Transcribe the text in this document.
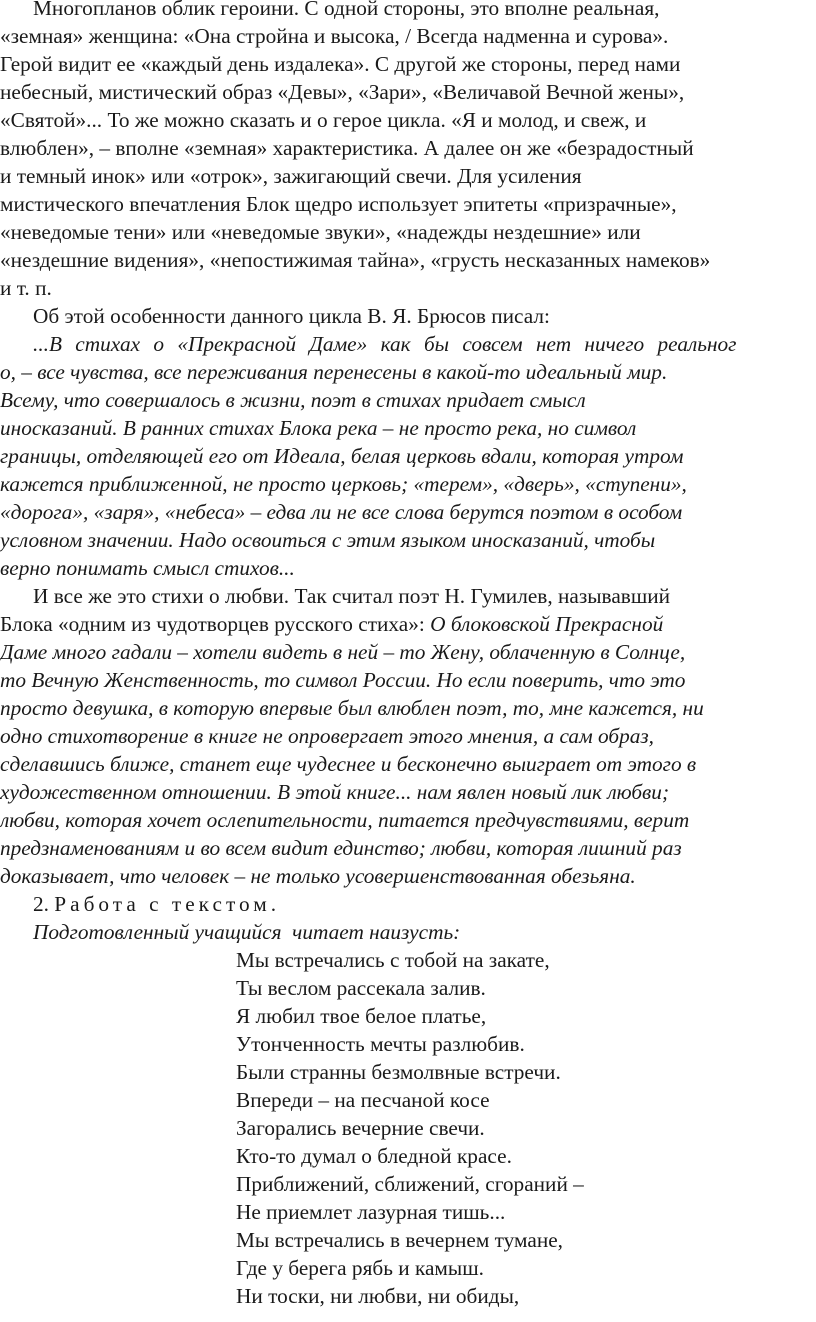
Многопланов облик героини. С одной стороны, это вполне реальная,
«земная» женщина: «Она стройна и высока, / Всегда надменна и сурова».
Герой видит ее «каждый день издалека». С другой же стороны, перед нами
небесный, мистический образ «Девы», «Зари», «Величавой Вечной жены»,
«Святой»... То же можно сказать и о герое цикла. «Я и молод, и свеж, и
влюблен», – вполне «земная» характеристика. А далее он же «безрадостный
и темный инок» или «отрок», зажигающий свечи. Для усиления
мистического впечатления Блок щедро использует эпитеты «призрачные»,
«неведомые тени» или «неведомые звуки», «надежды нездешние» или
«нездешние видения», «непостижимая тайна», «грусть несказанных намеков»
и т. п.
Об этой особенности данного цикла В. Я. Брюсов писал:
...В стихах о «Прекрасной Даме» как бы совсем нет ничего реальног
о, – все чувства, все переживания перенесены в какой-то идеальный мир.
Всему, что совершалось в жизни, поэт в стихах придает смысл
иносказаний. В ранних стихах Блока река – не просто река, но символ
границы, отделяющей его от Идеала, белая церковь вдали, которая утром
кажется приближенной, не просто церковь; «терем», «дверь», «ступени»,
«дорога», «заря», «небеса» – едва ли не все слова берутся поэтом в особом
условном значении. Надо освоиться с этим языком иносказаний, чтобы
верно понимать смысл стихов...
И все же это стихи о любви. Так считал поэт Н. Гумилев, называвший
Блока «одним из чудотворцев русского стиха»: О блоковской Прекрасной
Даме много гадали – хотели видеть в ней – то Жену, облаченную в Солнце,
то Вечную Женственность, то символ России. Но если поверить, что это
просто девушка, в которую впервые был влюблен поэт, то, мне кажется, ни
одно стихотворение в книге не опровергает этого мнения, а сам образ,
сделавшись ближе, станет еще чудеснее и бесконечно выиграет от этого в
художественном отношении. В этой книге... нам явлен новый лик любви;
любви, которая хочет ослепительности, питается предчувствиями, верит
предзнаменованиям и во всем видит единство; любви, которая лишний раз
доказывает, что человек – не только усовершенствованная обезьяна.
2. Работа с текстом.
Подготовленный учащийся  читает наизусть:
Мы встречались с тобой на закате,
Ты веслом рассекала залив.
Я любил твое белое платье,
Утонченность мечты разлюбив.
Были странны безмолвные встречи.
Впереди – на песчаной косе
Загорались вечерние свечи.
Кто-то думал о бледной красе.
Приближений, сближений, сгораний –
Не приемлет лазурная тишь...
Мы встречались в вечернем тумане,
Где у берега рябь и камыш.
Ни тоски, ни любви, ни обиды,
